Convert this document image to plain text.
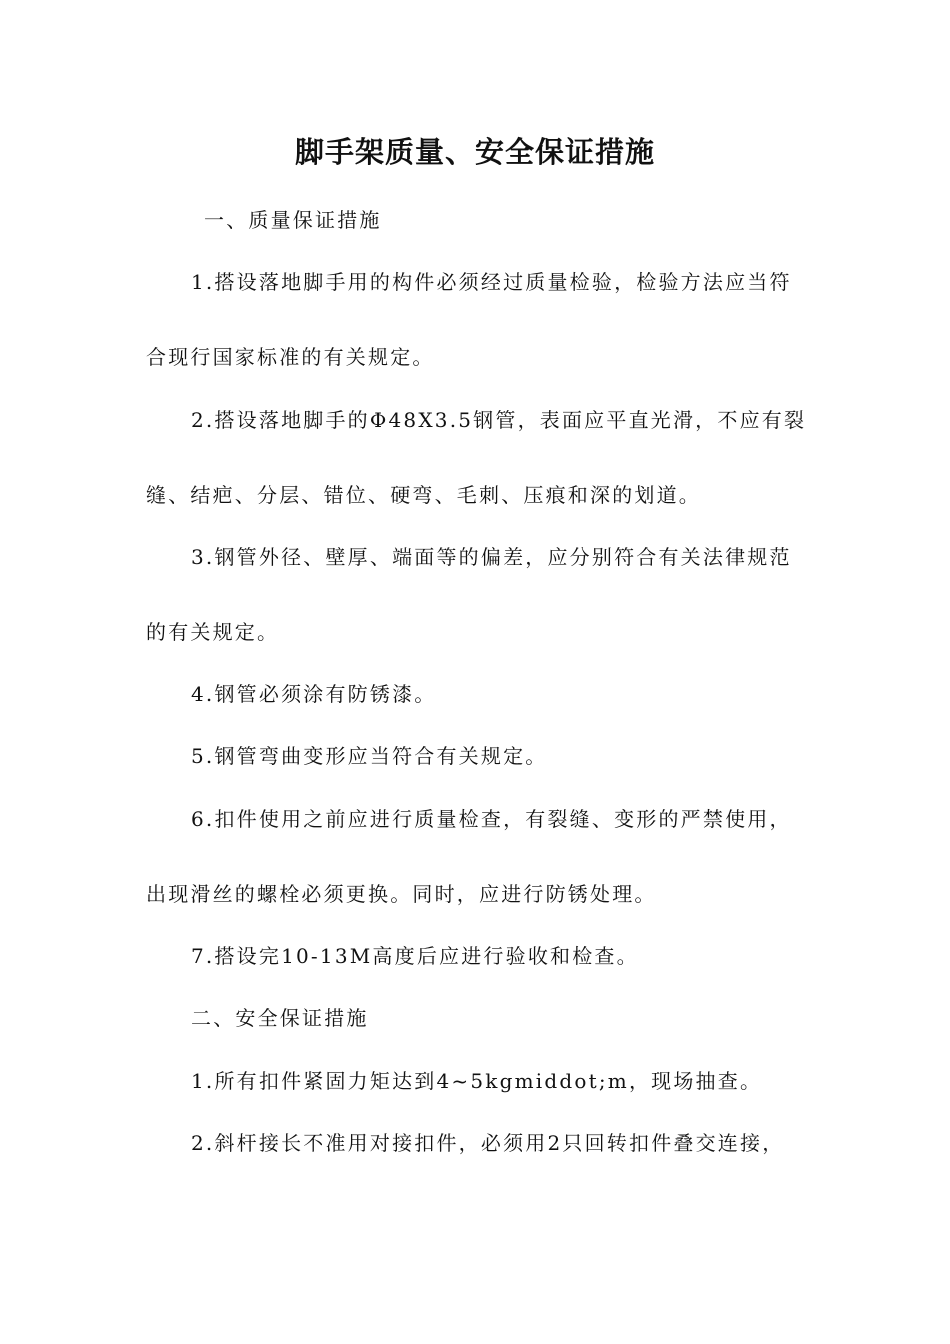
脚手架质量、安全保证措施

一、质量保证措施

1.搭设落地脚手用的构件必须经过质量检验，检验方法应当符

合现行国家标准的有关规定。

2.搭设落地脚手的Φ48X3.5钢管，表面应平直光滑，不应有裂

缝、结疤、分层、错位、硬弯、毛刺、压痕和深的划道。

3.钢管外径、壁厚、端面等的偏差，应分别符合有关法律规范

的有关规定。

4.钢管必须涂有防锈漆。

5.钢管弯曲变形应当符合有关规定。

6.扣件使用之前应进行质量检查，有裂缝、变形的严禁使用，

出现滑丝的螺栓必须更换。同时，应进行防锈处理。

7.搭设完10-13M高度后应进行验收和检查。

二、安全保证措施

1.所有扣件紧固力矩达到4~5kgmiddot;m，现场抽查。

2.斜杆接长不准用对接扣件，必须用2只回转扣件叠交连接，
